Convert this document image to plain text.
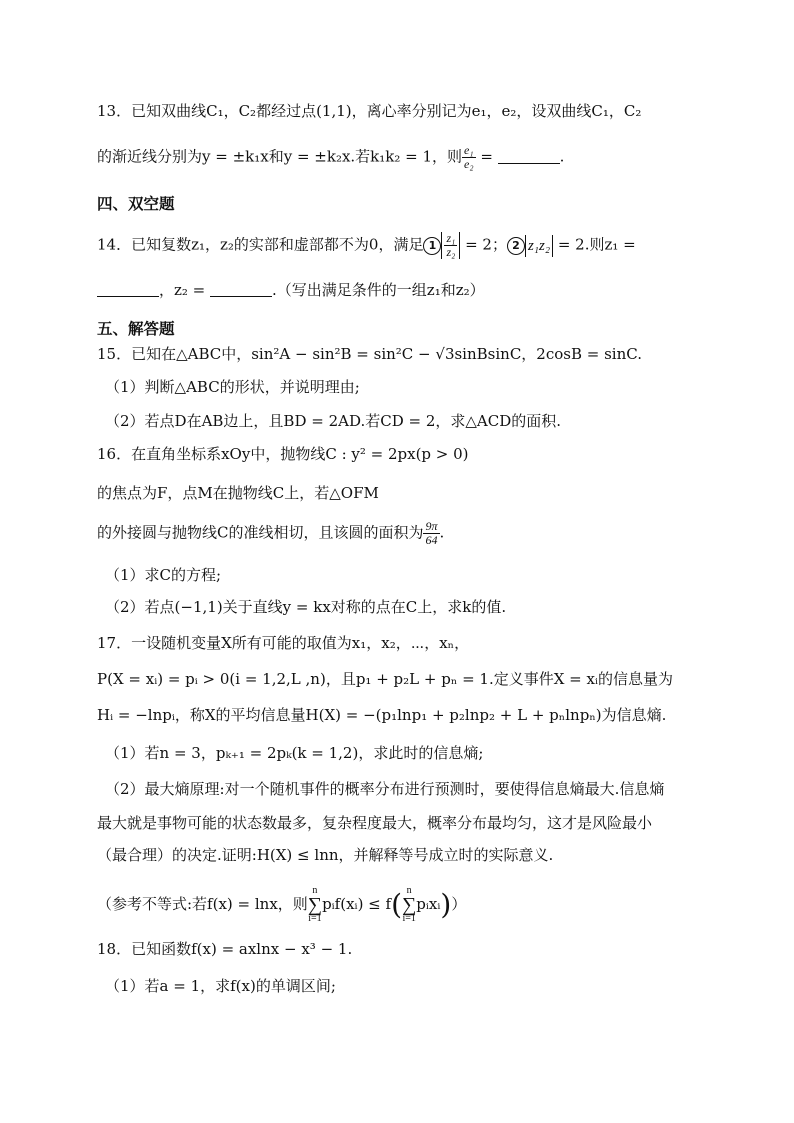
13．已知双曲线C₁，C₂都经过点(1,1)，离心率分别记为e₁，e₂，设双曲线C₁，C₂
的渐近线分别为y = ±k₁x和y = ±k₂x.若k₁k₂ = 1，则 $\frac{\text{e₁}}{\text{e₂}}$ =	.
四、双空题
14．已知复数z₁，z₂的实部和虚部都不为0，满足 $1 \frac{\text{z₁}}{\text{z₂}} = 2$； 2 z₁z₂ = 2.则z₁ =
，z₂ =	.（写出满足条件的一组z₁和z₂）
五、解答题
15．已知在△ABC中，sin²A − sin²B = sin²C − √3sinBsinC，2cosB = sinC.
（1）判断△ABC的形状，并说明理由;
（2）若点D在AB边上，且BD = 2AD.若CD = 2，求△ACD的面积.
16．在直角坐标系xOy中，抛物线C : y² = 2px(p > 0)
的焦点为F，点M在抛物线C上，若△OFM
的外接圆与抛物线C的准线相切，且该圆的面积为 $\frac{9\pi}{64}$ .
（1）求C的方程;
（2）若点(−1,1)关于直线y = kx对称的点在C上，求k的值.
17．一设随机变量X所有可能的取值为x₁，x₂，⋯，xₙ，
P(X = xᵢ) = pᵢ > 0(i = 1,2,L ,n)，且p₁ + p₂L + pₙ = 1.定义事件X = xᵢ的信息量为
Hᵢ = −lnpᵢ，称X的平均信息量H(X) = −(p₁lnp₁ + p₂lnp₂ + L + pₙlnpₙ)为信息熵.
（1）若n = 3，pₖ₊₁ = 2pₖ(k = 1,2)，求此时的信息熵;
（2）最大熵原理:对一个随机事件的概率分布进行预测时，要使得信息熵最大.信息熵
最大就是事物可能的状态数最多，复杂程度最大，概率分布最均匀，这才是风险最小
（最合理）的决定.证明:H(X) ≤ lnn，并解释等号成立时的实际意义.
（参考不等式:若f(x) = lnx，则n
∑
i=1pᵢf(xᵢ) ≤ f( n
∑
i=1pᵢxᵢ)）
18．已知函数f(x) = axlnx − x³ − 1.
（1）若a = 1，求f(x)的单调区间;
